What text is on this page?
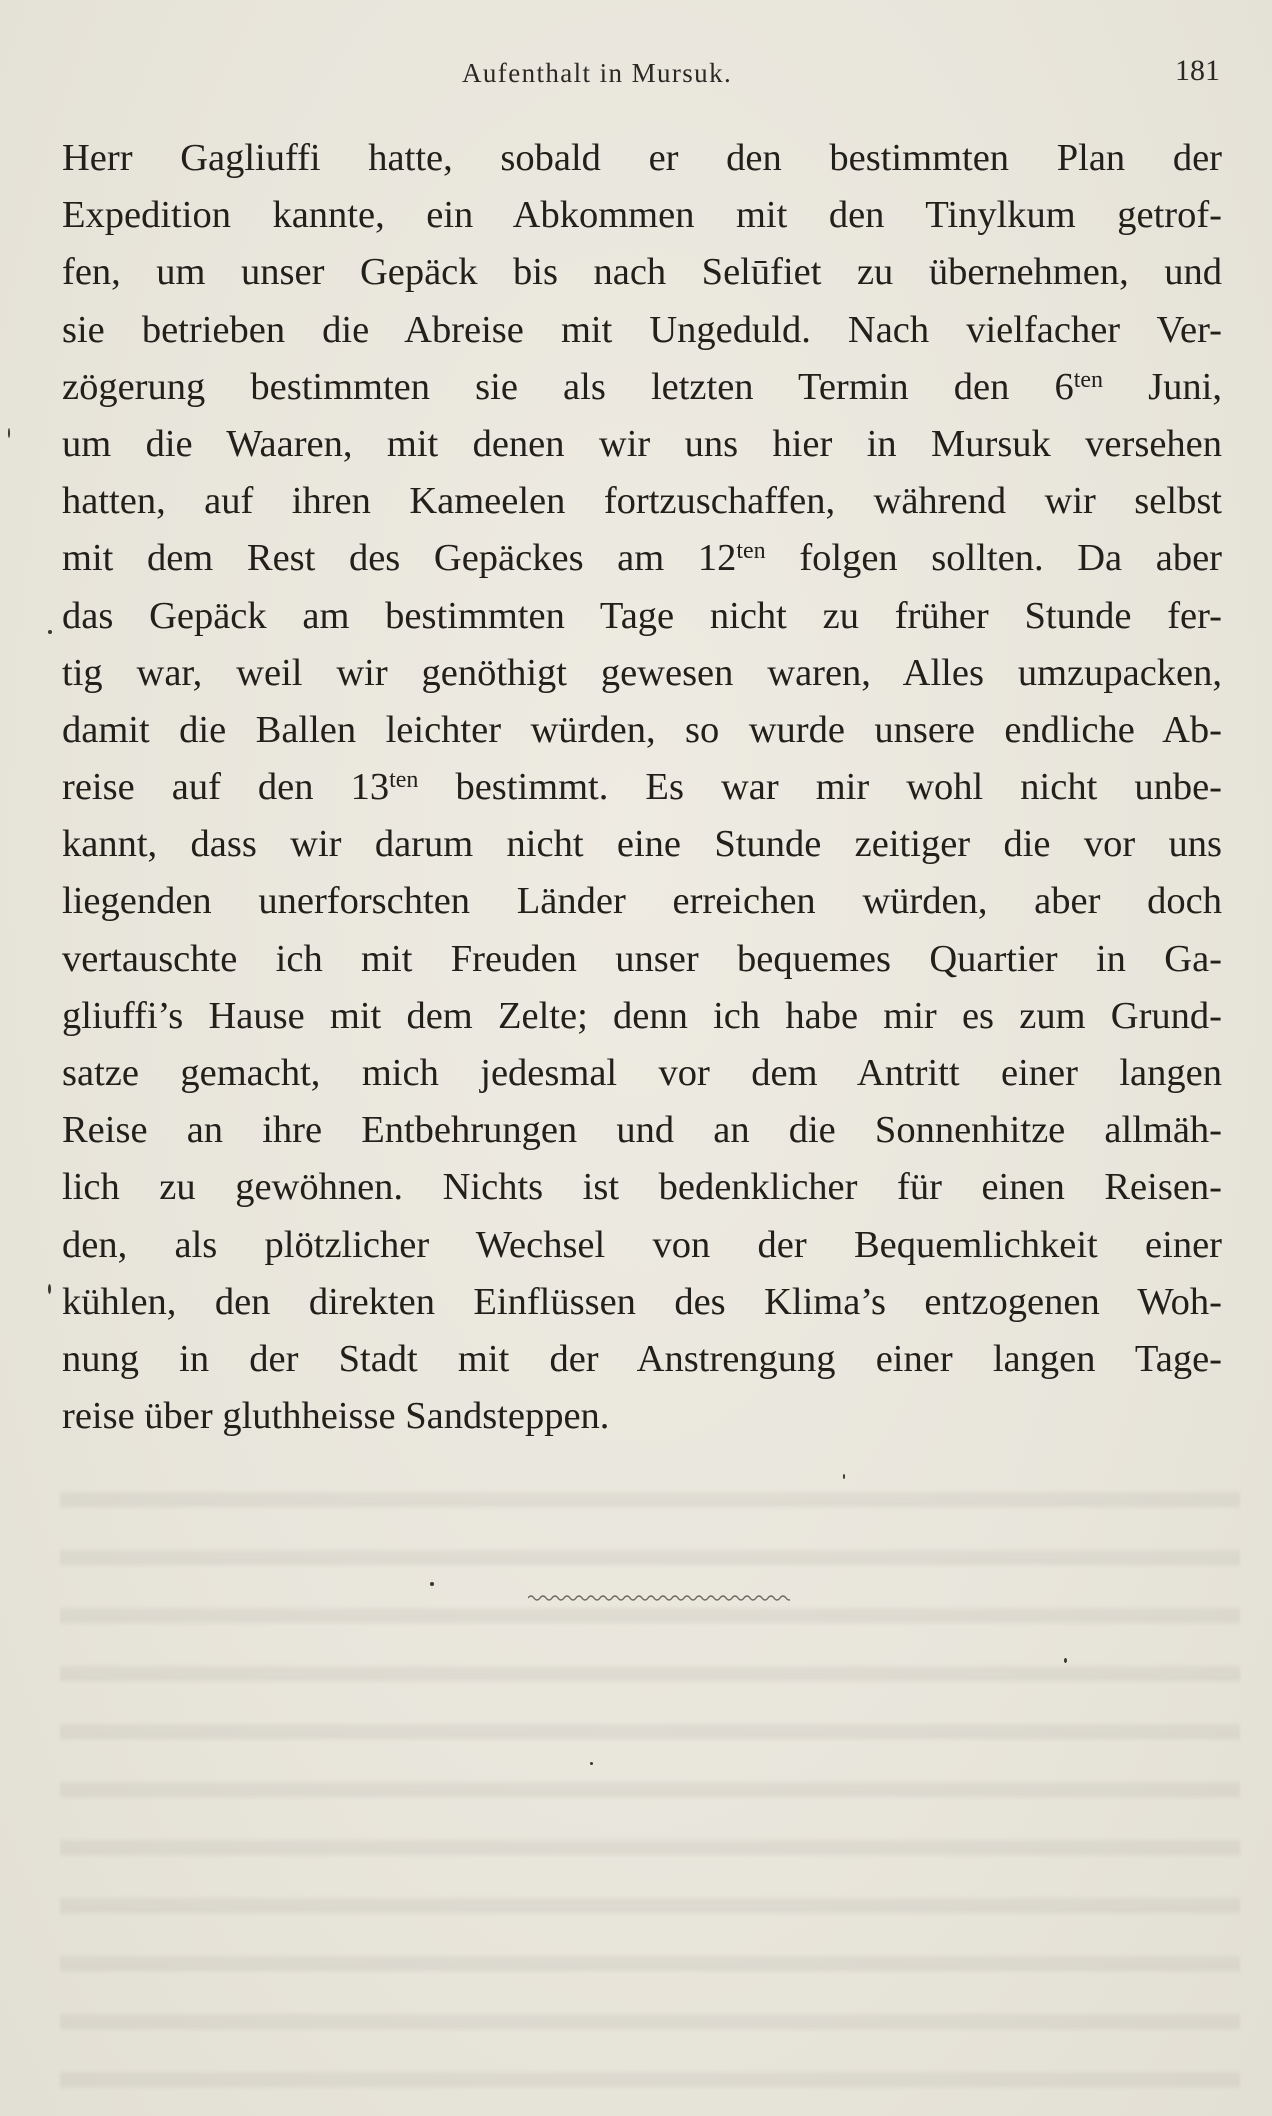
Aufenthalt in Mursuk.	181
Herr Gagliuffi hatte, sobald er den bestimmten Plan der
Expedition kannte, ein Abkommen mit den Tinylkum getrof-
fen, um unser Gepäck bis nach Selūfiet zu übernehmen, und
sie betrieben die Abreise mit Ungeduld. Nach vielfacher Ver-
zögerung bestimmten sie als letzten Termin den $6^{ten}$ Juni,
um die Waaren, mit denen wir uns hier in Mursuk versehen
hatten, auf ihren Kameelen fortzuschaffen, während wir selbst
mit dem Rest des Gepäckes am $12^{ten}$ folgen sollten. Da aber
das Gepäck am bestimmten Tage nicht zu früher Stunde fer-
tig war, weil wir genöthigt gewesen waren, Alles umzupacken,
damit die Ballen leichter würden, so wurde unsere endliche Ab-
reise auf den $13^{ten}$ bestimmt. Es war mir wohl nicht unbe-
kannt, dass wir darum nicht eine Stunde zeitiger die vor uns
liegenden unerforschten Länder erreichen würden, aber doch
vertauschte ich mit Freuden unser bequemes Quartier in Ga-
gliuffi’s Hause mit dem Zelte; denn ich habe mir es zum Grund-
satze gemacht, mich jedesmal vor dem Antritt einer langen
Reise an ihre Entbehrungen und an die Sonnenhitze allmäh-
lich zu gewöhnen. Nichts ist bedenklicher für einen Reisen-
den, als plötzlicher Wechsel von der Bequemlichkeit einer
kühlen, den direkten Einflüssen des Klima’s entzogenen Woh-
nung in der Stadt mit der Anstrengung einer langen Tage-
reise über gluthheisse Sandsteppen.
